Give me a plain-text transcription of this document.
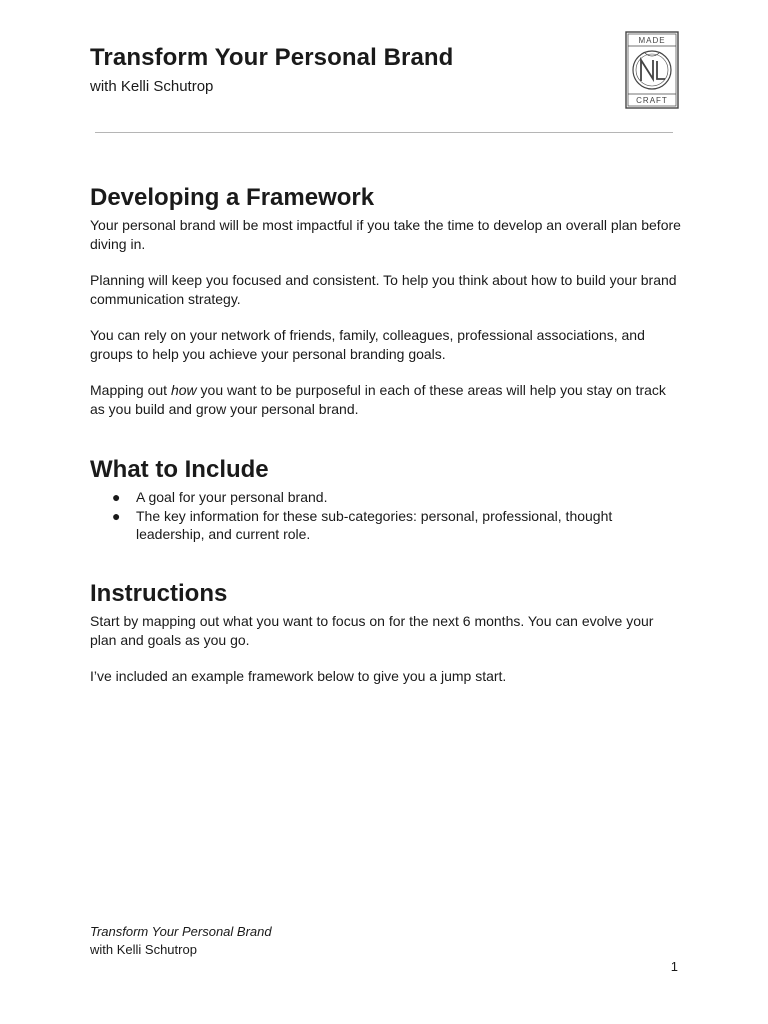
Transform Your Personal Brand
with Kelli Schutrop
MADE
CRAFT
Developing a Framework

Your personal brand will be most impactful if you take the time to develop an overall plan before diving in.

Planning will keep you focused and consistent. To help you think about how to build your brand communication strategy.

You can rely on your network of friends, family, colleagues, professional associations, and groups to help you achieve your personal branding goals.

Mapping out how you want to be purposeful in each of these areas will help you stay on track as you build and grow your personal brand.

What to Include
● A goal for your personal brand.
● The key information for these sub-categories: personal, professional, thought leadership, and current role.
Instructions

Start by mapping out what you want to focus on for the next 6 months. You can evolve your plan and goals as you go.

I’ve included an example framework below to give you a jump start.

Transform Your Personal Brand
with Kelli Schutrop
1
